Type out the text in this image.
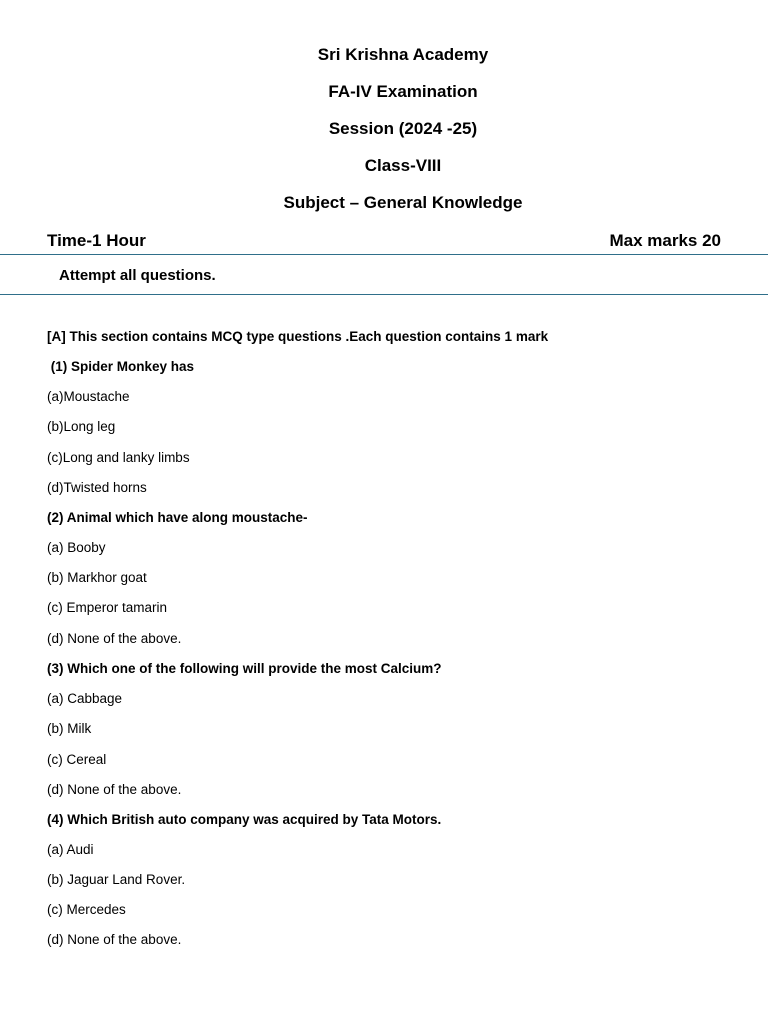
Sri Krishna Academy
FA-IV Examination
Session (2024 -25)
Class-VIII
Subject – General Knowledge
Time-1 Hour	Max marks 20
Attempt all questions.
[A] This section contains MCQ type questions .Each question contains 1 mark
(1) Spider Monkey has
(a)Moustache
(b)Long leg
(c)Long and lanky limbs
(d)Twisted horns
(2) Animal which have along moustache-
(a) Booby
(b) Markhor goat
(c) Emperor tamarin
(d) None of the above.
(3) Which one of the following will provide the most Calcium?
(a) Cabbage
(b) Milk
(c) Cereal
(d) None of the above.
(4) Which British auto company was acquired by Tata Motors.
(a) Audi
(b) Jaguar Land Rover.
(c) Mercedes
(d) None of the above.
